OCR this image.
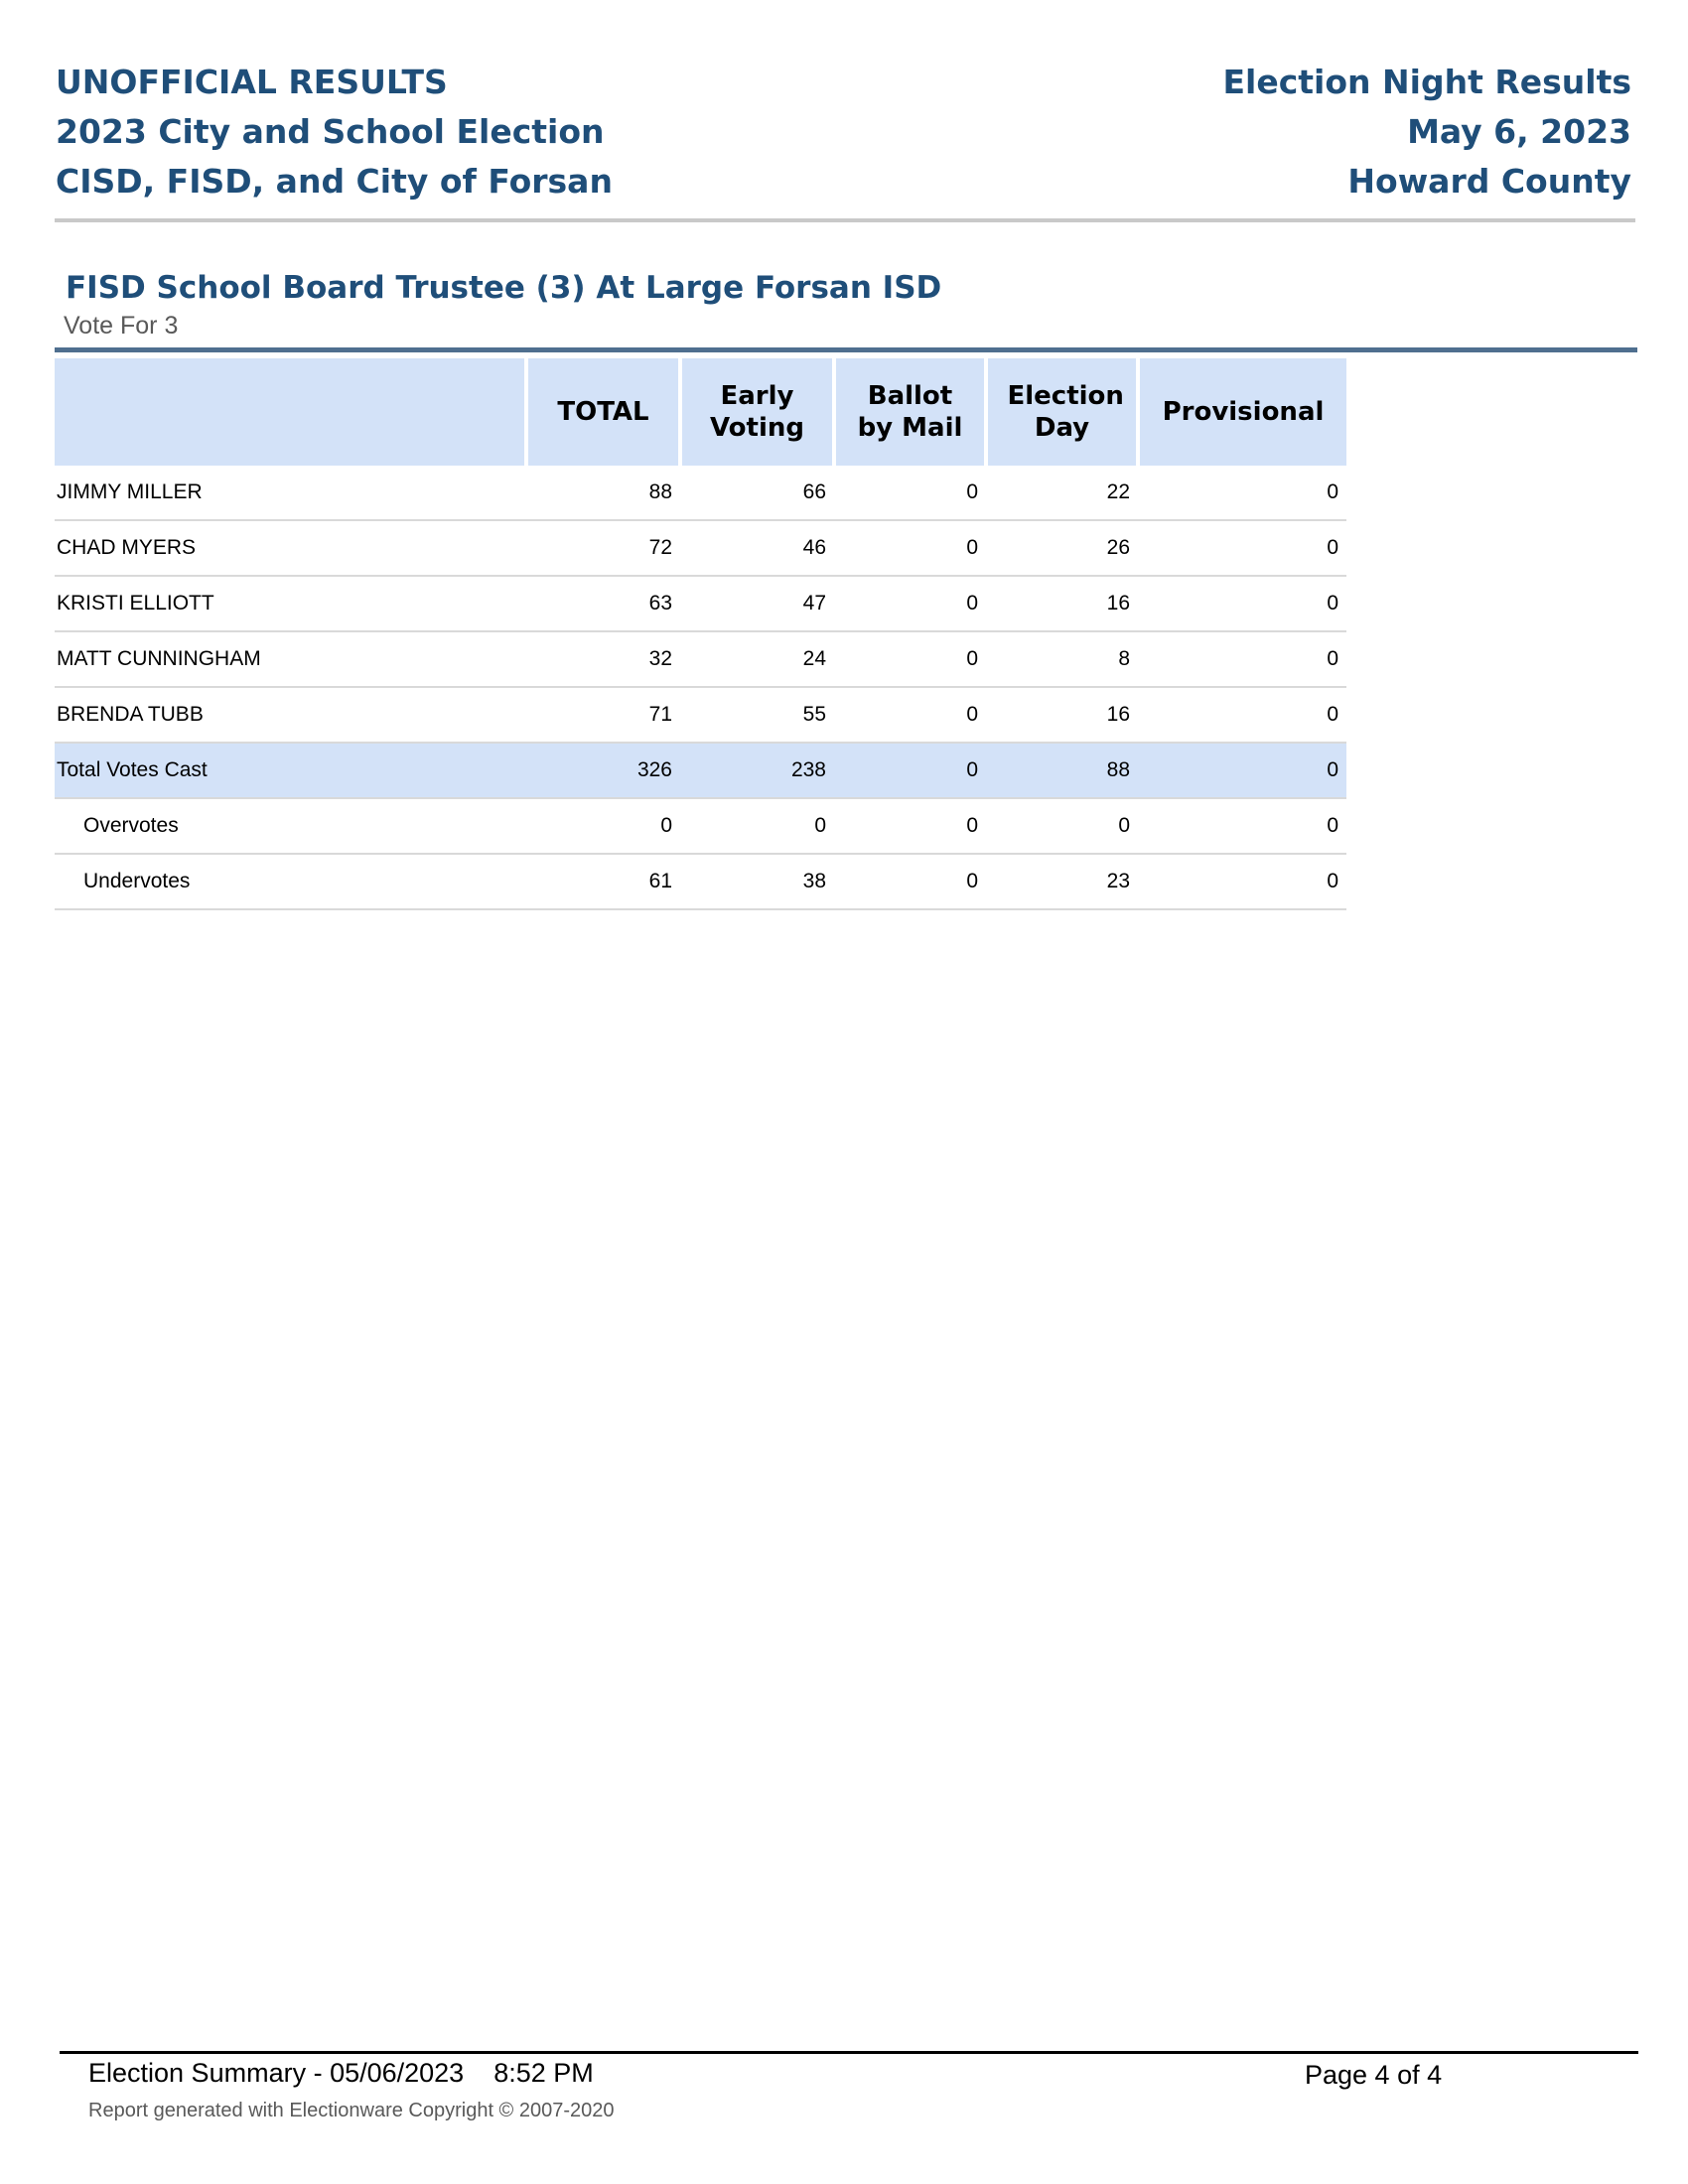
UNOFFICIAL RESULTS
2023 City and School Election
CISD, FISD, and City of Forsan
Election Night Results
May 6, 2023
Howard County
FISD School Board Trustee (3) At Large Forsan ISD
Vote For 3
	TOTAL	Early Voting	Ballot by Mail	Election Day	Provisional
JIMMY MILLER	88	66	0	22	0
CHAD MYERS	72	46	0	26	0
KRISTI ELLIOTT	63	47	0	16	0
MATT CUNNINGHAM	32	24	0	8	0
BRENDA TUBB	71	55	0	16	0
Total Votes Cast	326	238	0	88	0
Overvotes	0	0	0	0	0
Undervotes	61	38	0	23	0
Election Summary - 05/06/2023    8:52 PM	Page 4 of 4
Report generated with Electionware Copyright © 2007-2020
